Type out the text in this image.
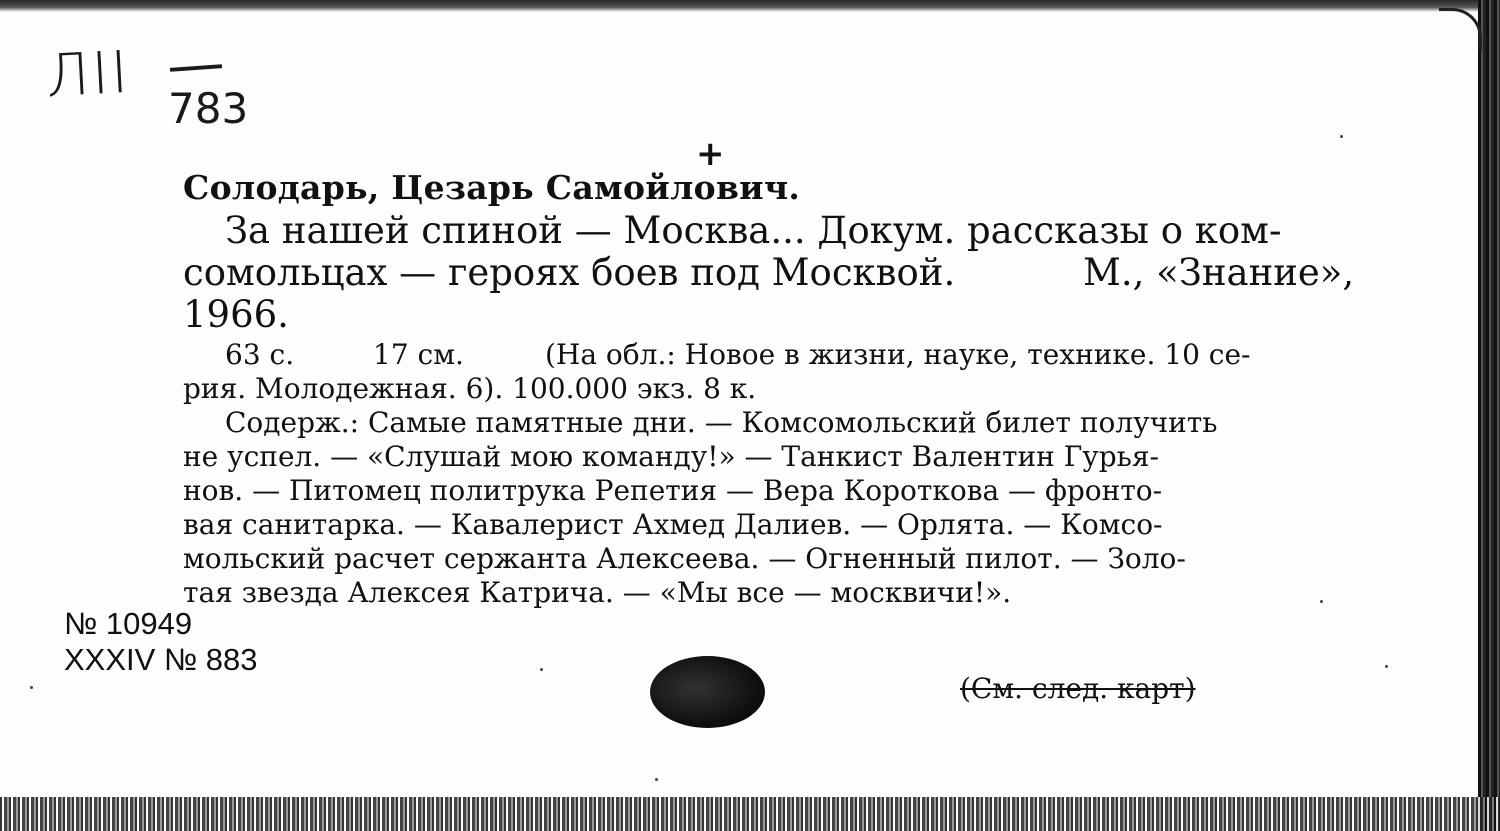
ЛII 783
+
Солодарь, Цезарь Самойлович.
За нашей спиной — Москва... Докум. рассказы о ком-
сомольцах — героях боев под Москвой.	М., «Знание»,
1966.
63 с.	17 см.	(На обл.: Новое в жизни, науке, технике. 10 се-
рия. Молодежная. 6). 100.000 экз. 8 к.
Содерж.: Самые памятные дни. — Комсомольский билет получить
не успел. — «Слушай мою команду!» — Танкист Валентин Гурья-
нов. — Питомец политрука Репетия — Вера Короткова — фронто-
вая санитарка. — Кавалерист Ахмед Далиев. — Орлята. — Комсо-
мольский расчет сержанта Алексеева. — Огненный пилот. — Золо-
тая звезда Алексея Катрича. — «Мы все — москвичи!».
№ 10949
XXXIV № 883
(См. след. карт)
